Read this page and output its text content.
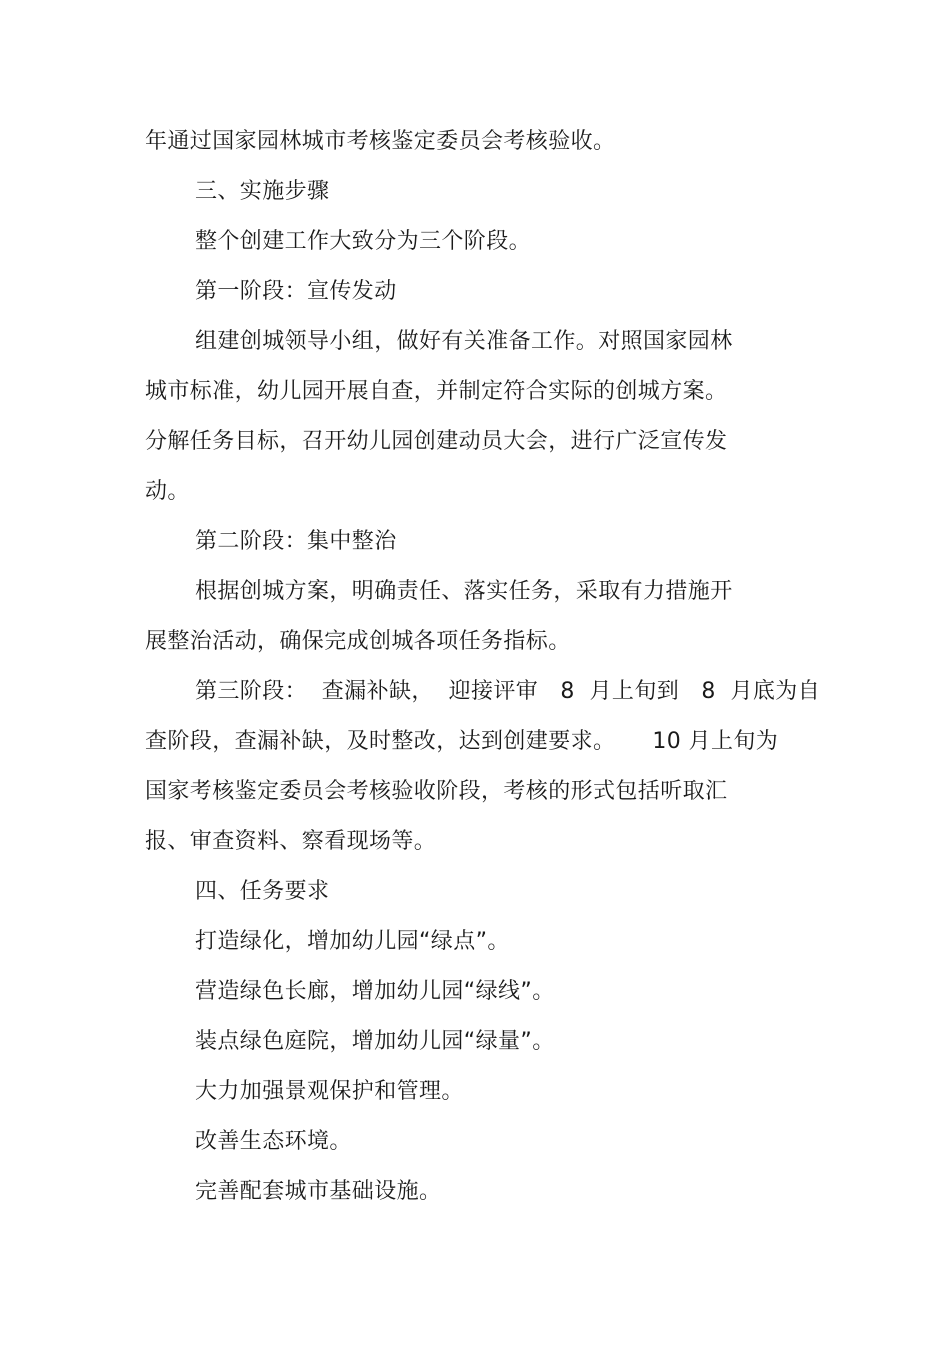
年通过国家园林城市考核鉴定委员会考核验收。
三、实施步骤
整个创建工作大致分为三个阶段。
第一阶段：宣传发动
组建创城领导小组，做好有关准备工作。对照国家园林
城市标准，幼儿园开展自查，并制定符合实际的创城方案。
分解任务目标，召开幼儿园创建动员大会，进行广泛宣传发
动。
第二阶段：集中整治
根据创城方案，明确责任、落实任务，采取有力措施开
展整治活动，确保完成创城各项任务指标。
第三阶段：  查漏补缺，  迎接评审   8  月上旬到   8  月底为自
查阶段，查漏补缺，及时整改，达到创建要求。     10 月上旬为
国家考核鉴定委员会考核验收阶段，考核的形式包括听取汇
报、审查资料、察看现场等。
四、任务要求
打造绿化，增加幼儿园“绿点”。
营造绿色长廊，增加幼儿园“绿线”。
装点绿色庭院，增加幼儿园“绿量”。
大力加强景观保护和管理。
改善生态环境。
完善配套城市基础设施。
